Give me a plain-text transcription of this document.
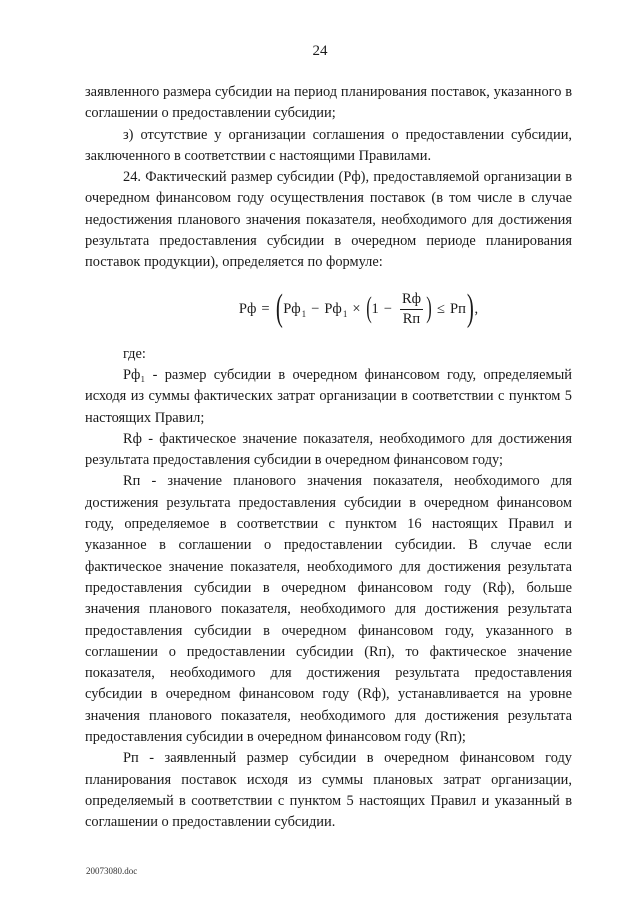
24

заявленного размера субсидии на период планирования поставок, указанного в соглашении о предоставлении субсидии;

з) отсутствие у организации соглашения о предоставлении субсидии, заключенного в соответствии с настоящими Правилами.

24. Фактический размер субсидии (Рф), предоставляемой организации в очередном финансовом году осуществления поставок (в том числе в случае недостижения планового значения показателя, необходимого для достижения результата предоставления субсидии в очередном периоде планирования поставок продукции), определяется по формуле:

Рф = ( Рф 1 − Рф 1 × ( $1 - \frac{Rф}{Rп}$ ) ≤ Рп ) ,

где:

Рф₁ - размер субсидии в очередном финансовом году, определяемый исходя из суммы фактических затрат организации в соответствии с пунктом 5 настоящих Правил;

Rф - фактическое значение показателя, необходимого для достижения результата предоставления субсидии в очередном финансовом году;

Rп - значение планового значения показателя, необходимого для достижения результата предоставления субсидии в очередном финансовом году, определяемое в соответствии с пунктом 16 настоящих Правил и указанное в соглашении о предоставлении субсидии. В случае если фактическое значение показателя, необходимого для достижения результата предоставления субсидии в очередном финансовом году (Rф), больше значения планового показателя, необходимого для достижения результата предоставления субсидии в очередном финансовом году, указанного в соглашении о предоставлении субсидии (Rп), то фактическое значение показателя, необходимого для достижения результата предоставления субсидии в очередном финансовом году (Rф), устанавливается на уровне значения планового показателя, необходимого для достижения результата предоставления субсидии в очередном финансовом году (Rп);

Рп - заявленный размер субсидии в очередном финансовом году планирования поставок исходя из суммы плановых затрат организации, определяемый в соответствии с пунктом 5 настоящих Правил и указанный в соглашении о предоставлении субсидии.

20073080.doc
